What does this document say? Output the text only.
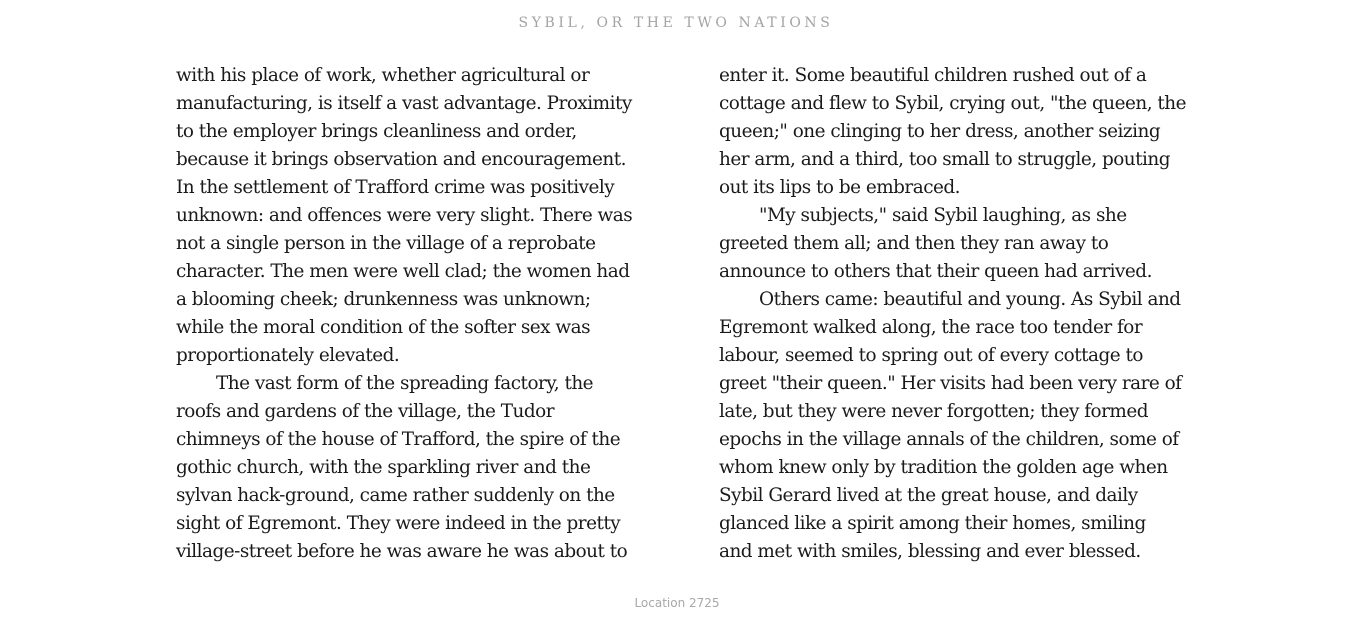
SYBIL, OR THE TWO NATIONS
with his place of work, whether agricultural or
manufacturing, is itself a vast advantage. Proximity
to the employer brings cleanliness and order,
because it brings observation and encouragement.
In the settlement of Trafford crime was positively
unknown: and offences were very slight. There was
not a single person in the village of a reprobate
character. The men were well clad; the women had
a blooming cheek; drunkenness was unknown;
while the moral condition of the softer sex was
proportionately elevated.
The vast form of the spreading factory, the
roofs and gardens of the village, the Tudor
chimneys of the house of Trafford, the spire of the
gothic church, with the sparkling river and the
sylvan hack-ground, came rather suddenly on the
sight of Egremont. They were indeed in the pretty
village-street before he was aware he was about to
enter it. Some beautiful children rushed out of a
cottage and flew to Sybil, crying out, "the queen, the
queen;" one clinging to her dress, another seizing
her arm, and a third, too small to struggle, pouting
out its lips to be embraced.
"My subjects," said Sybil laughing, as she
greeted them all; and then they ran away to
announce to others that their queen had arrived.
Others came: beautiful and young. As Sybil and
Egremont walked along, the race too tender for
labour, seemed to spring out of every cottage to
greet "their queen." Her visits had been very rare of
late, but they were never forgotten; they formed
epochs in the village annals of the children, some of
whom knew only by tradition the golden age when
Sybil Gerard lived at the great house, and daily
glanced like a spirit among their homes, smiling
and met with smiles, blessing and ever blessed.
Location 2725
